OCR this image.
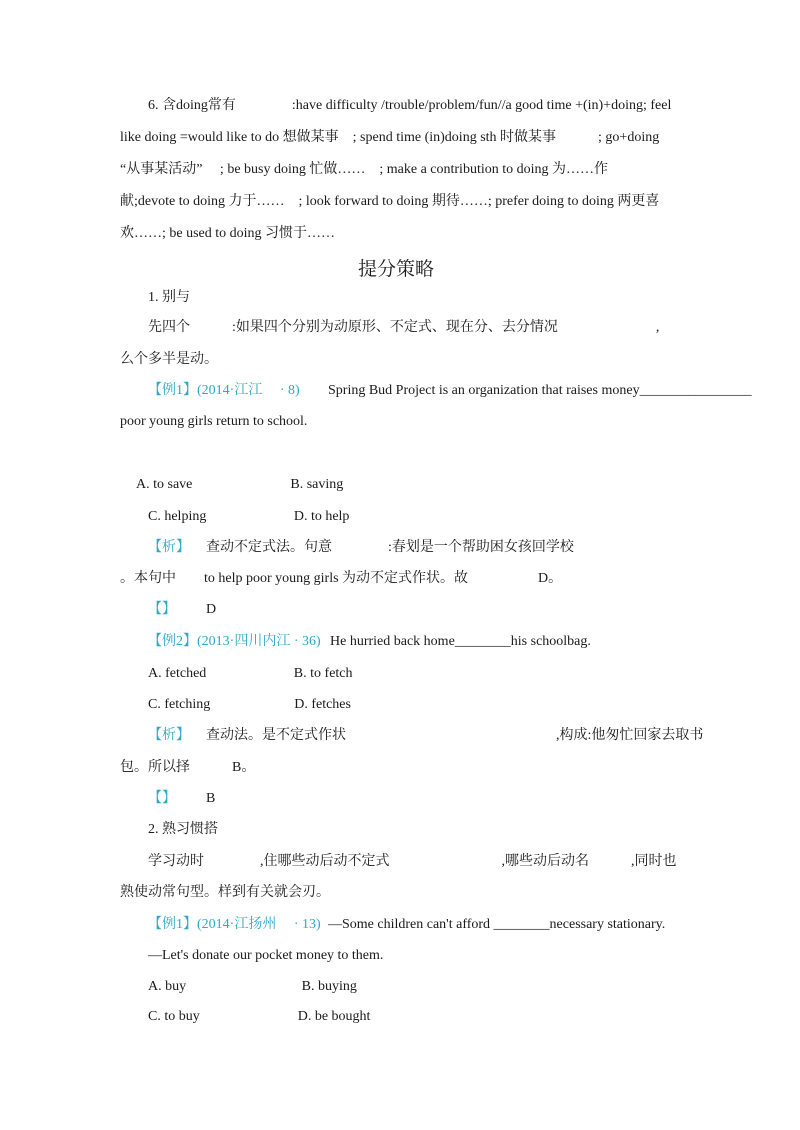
6. 含doing常有　　　　:have difficulty /trouble/problem/fun//a good time +(in)+doing; feel
like doing =would like to do 想做某事　; spend time (in)doing sth 时做某事　　　; go+doing
“从事某活动”　 ; be busy doing 忙做……　; make a contribution to doing 为……作
献;devote to doing 力于……　; look forward to doing 期待……; prefer doing to doing 两更喜
欢……; be used to doing 习惯于……
提分策略
1. 别与
先四个　　　:如果四个分别为动原形、不定式、现在分、去分情况　　　　　　　,
么个多半是动。
【例1】(2014·江江　 · 8) Spring Bud Project is an organization that raises money________________
poor young girls return to school.
A. to save　　　　　　　B. saving
C. helping　　　　　　 D. to help
【析】 查动不定式法。句意　　　　:春划是一个帮助困女孩回学校
。本句中　　to help poor young girls 为动不定式作状。故　　　　　D。
【】 D
【例2】(2013·四川内江 · 36) He hurried back home________his schoolbag.
A. fetched　　　　　　 B. to fetch
C. fetching　　　　　　D. fetches
【析】 查动法。是不定式作状　　　　　　　　　　　　　　　,构成:他匆忙回家去取书
包。所以择　　　B。
【】 B
2. 熟习惯搭
学习动时　　　　,住哪些动后动不定式　　　　　　　　,哪些动后动名　　　,同时也
熟使动常句型。样到有关就会刃。
【例1】(2014·江扬州　 · 13) —Some children can't afford ________necessary stationary.
—Let's donate our pocket money to them.
A. buy　　　　　　　　 B. buying
C. to buy　　　　　　　D. be bought
